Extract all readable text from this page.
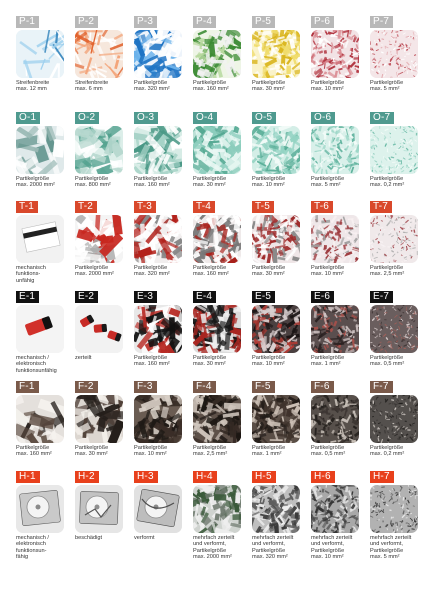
P-1
Streifenbreite
max. 12 mm
P-2
Streifenbreite
max. 6 mm
P-3
Partikelgröße
max. 320 mm²
P-4
Partikelgröße
max. 160 mm²
P-5
Partikelgröße
max. 30 mm²
P-6
Partikelgröße
max. 10 mm²
P-7
Partikelgröße
max. 5 mm²
O-1
Partikelgröße
max. 2000 mm²
O-2
Partikelgröße
max. 800 mm²
O-3
Partikelgröße
max. 160 mm²
O-4
Partikelgröße
max. 30 mm²
O-5
Partikelgröße
max. 10 mm²
O-6
Partikelgröße
max. 5 mm²
O-7
Partikelgröße
max. 0,2 mm²
T-1
mechanisch
funktions-
unfähig
T-2
Partikelgröße
max. 2000 mm²
T-3
Partikelgröße
max. 320 mm²
T-4
Partikelgröße
max. 160 mm²
T-5
Partikelgröße
max. 30 mm²
T-6
Partikelgröße
max. 10 mm²
T-7
Partikelgröße
max. 2,5 mm²
E-1
mechanisch /
elektronisch
funktionsunfähig
E-2
zerteilt
E-3
Partikelgröße
max. 160 mm²
E-4
Partikelgröße
max. 30 mm²
E-5
Partikelgröße
max. 10 mm²
E-6
Partikelgröße
max. 1 mm²
E-7
Partikelgröße
max. 0,5 mm²
F-1
Partikelgröße
max. 160 mm²
F-2
Partikelgröße
max. 30 mm²
F-3
Partikelgröße
max. 10 mm²
F-4
Partikelgröße
max. 2,5 mm²
F-5
Partikelgröße
max. 1 mm²
F-6
Partikelgröße
max. 0,5 mm²
F-7
Partikelgröße
max. 0,2 mm²
H-1
mechanisch /
elektronisch
funktionsun-
fähig
H-2
beschädigt
H-3
verformt
H-4
mehrfach zerteilt
und verformt,
Partikelgröße
max. 2000 mm²
H-5
mehrfach zerteilt
und verformt,
Partikelgröße
max. 320 mm²
H-6
mehrfach zerteilt
und verformt,
Partikelgröße
max. 10 mm²
H-7
mehrfach zerteilt
und verformt,
Partikelgröße
max. 5 mm²
